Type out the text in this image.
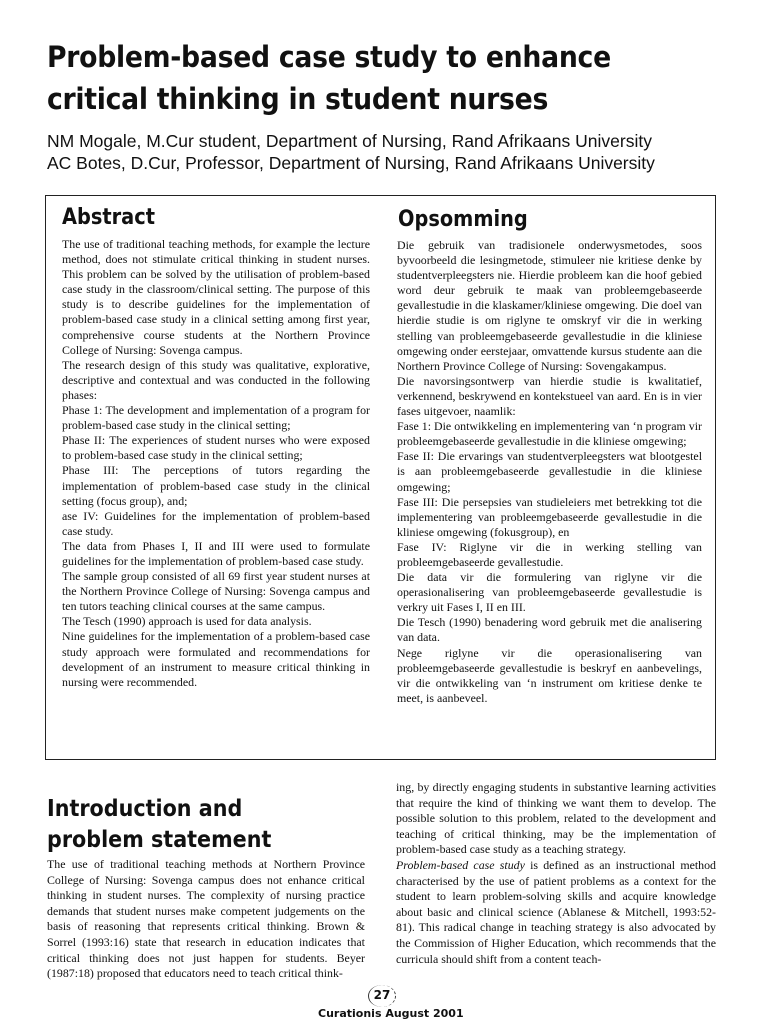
Problem-based case study to enhance
critical thinking in student nurses
NM Mogale, M.Cur student, Department of Nursing, Rand Afrikaans University
AC Botes, D.Cur, Professor, Department of Nursing, Rand Afrikaans University
Abstract

The use of traditional teaching methods, for example the lecture method, does not stimulate critical thinking in student nurses. This problem can be solved by the utilisation of problem-based case study in the classroom/clinical setting. The purpose of this study is to describe guidelines for the implementation of problem-based case study in a clinical setting among first year, comprehensive course students at the Northern Province College of Nursing: Sovenga campus.

The research design of this study was qualitative, explorative, descriptive and contextual and was conducted in the following phases:

Phase 1: The development and implementation of a program for problem-based case study in the clinical setting;

Phase II: The experiences of student nurses who were exposed to problem-based case study in the clinical setting;

Phase III: The perceptions of tutors regarding the implementation of problem-based case study in the clinical setting (focus group), and;

ase IV: Guidelines for the implementation of problem-based case study.

The data from Phases I, II and III were used to formulate guidelines for the implementation of problem-based case study.

The sample group consisted of all 69 first year student nurses at the Northern Province College of Nursing: Sovenga campus and ten tutors teaching clinical courses at the same campus.

The Tesch (1990) approach is used for data analysis.

Nine guidelines for the implementation of a problem-based case study approach were formulated and recommendations for development of an instrument to measure critical thinking in nursing were recommended.

Opsomming

Die gebruik van tradisionele onderwysmetodes, soos byvoorbeeld die lesingmetode, stimuleer nie kritiese denke by studentverpleegsters nie. Hierdie probleem kan die hoof gebied word deur gebruik te maak van probleemgebaseerde gevallestudie in die klaskamer/kliniese omgewing. Die doel van hierdie studie is om riglyne te omskryf vir die in werking stelling van probleemgebaseerde gevallestudie in die kliniese omgewing onder eerstejaar, omvattende kursus studente aan die Northern Province College of Nursing: Sovengakampus.

Die navorsingsontwerp van hierdie studie is kwalitatief, verkennend, beskrywend en kontekstueel van aard. En is in vier fases uitgevoer, naamlik:

Fase 1: Die ontwikkeling en implementering van ‘n program vir probleemgebaseerde gevallestudie in die kliniese omgewing;

Fase II: Die ervarings van studentverpleegsters wat blootgestel is aan probleemgebaseerde gevallestudie in die kliniese omgewing;

Fase III: Die persepsies van studieleiers met betrekking tot die implementering van probleemgebaseerde gevallestudie in die kliniese omgewing (fokusgroup), en

Fase IV: Riglyne vir die in werking stelling van probleemgebaseerde gevallestudie.

Die data vir die formulering van riglyne vir die operasionalisering van probleemgebaseerde gevallestudie is verkry uit Fases I, II en III.

Die Tesch (1990) benadering word gebruik met die analisering van data.

Nege riglyne vir die operasionalisering van probleemgebaseerde gevallestudie is beskryf en aanbevelings, vir die ontwikkeling van ‘n instrument om kritiese denke te meet, is aanbeveel.

Introduction and problem statement

The use of traditional teaching methods at Northern Province College of Nursing: Sovenga campus does not enhance critical thinking in student nurses. The complexity of nursing practice demands that student nurses make competent judgements on the basis of reasoning that represents critical thinking. Brown & Sorrel (1993:16) state that research in education indicates that critical thinking does not just happen for students. Beyer (1987:18) proposed that educators need to teach critical think-

ing, by directly engaging students in substantive learning activities that require the kind of thinking we want them to develop. The possible solution to this problem, related to the development and teaching of critical thinking, may be the implementation of problem-based case study as a teaching strategy.

Problem-based case study is defined as an instructional method characterised by the use of patient problems as a context for the student to learn problem-solving skills and acquire knowledge about basic and clinical science (Ablanese & Mitchell, 1993:52-81). This radical change in teaching strategy is also advocated by the Commission of Higher Education, which recommends that the curricula should shift from a content teach-

27
Curationis August 2001
